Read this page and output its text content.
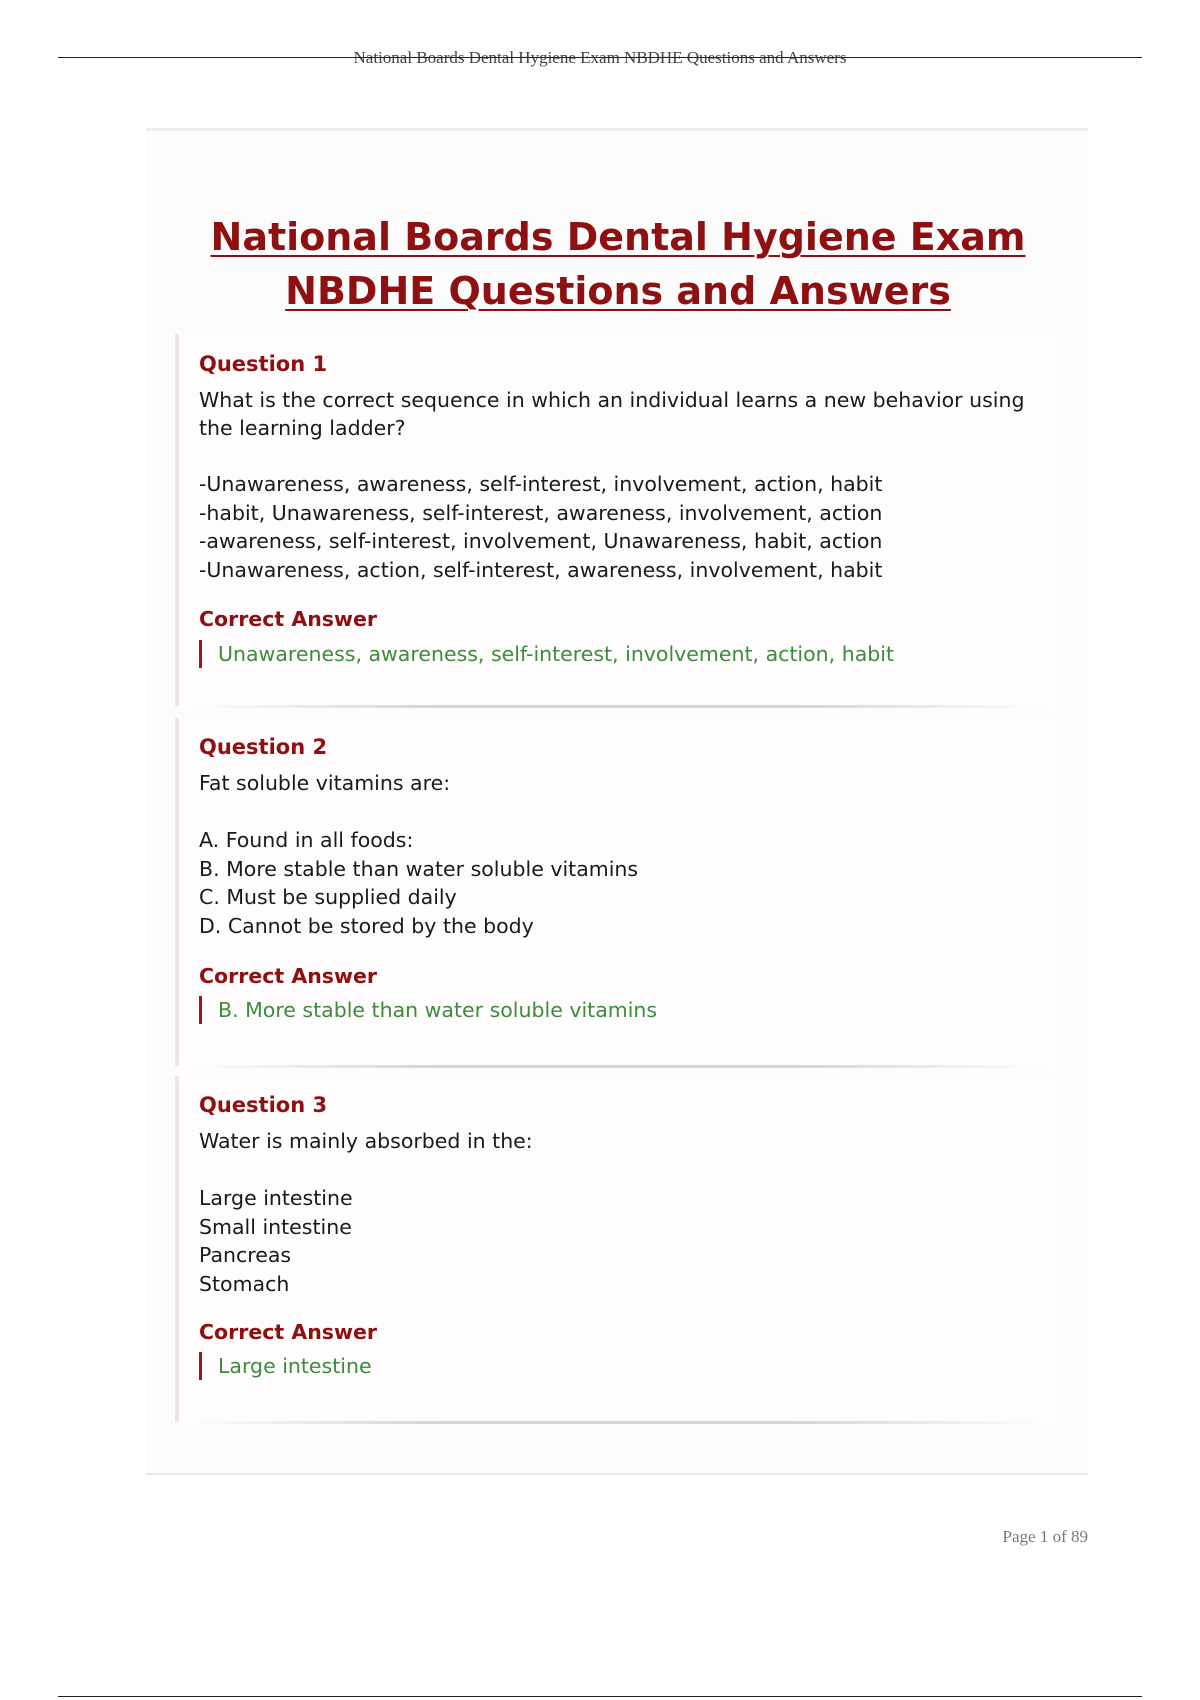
National Boards Dental Hygiene Exam NBDHE Questions and Answers
National Boards Dental Hygiene Exam
NBDHE Questions and Answers
Question 1
What is the correct sequence in which an individual learns a new behavior using the learning ladder?
-Unawareness, awareness, self-interest, involvement, action, habit
-habit, Unawareness, self-interest, awareness, involvement, action
-awareness, self-interest, involvement, Unawareness, habit, action
-Unawareness, action, self-interest, awareness, involvement, habit
Correct Answer
Unawareness, awareness, self-interest, involvement, action, habit
Question 2
Fat soluble vitamins are:
A. Found in all foods:
B. More stable than water soluble vitamins
C. Must be supplied daily
D. Cannot be stored by the body
Correct Answer
B. More stable than water soluble vitamins
Question 3
Water is mainly absorbed in the:
Large intestine
Small intestine
Pancreas
Stomach
Correct Answer
Large intestine
Page 1 of 89
